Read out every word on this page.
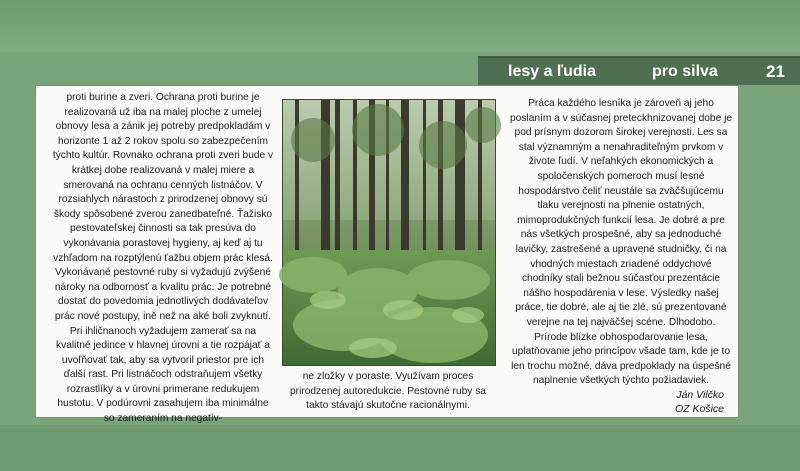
lesy a ľudia	pro silva	21
proti burine a zveri. Ochrana proti burine je realizovaná už iba na malej ploche z umelej obnovy lesa a zánik jej potreby predpokladám v horizonte 1 až 2 rokov spolu so zabezpečením týchto kultúr. Rovnako ochrana proti zveri bude v krátkej dobe realizovaná v malej miere a smerovaná na ochranu cenných listnáčov. V rozsiahlych nárastoch z prirodzenej obnovy sú škody spôsobené zverou zanedbateľné. Ťažisko pestovateľskej činnosti sa tak presúva do vykonávania porastovej hygieny, aj keď aj tu vzhľadom na rozptýlenú ťažbu objem prác klesá. Vykonávané pestovné ruby si vyžadujú zvýšené nároky na odbornosť a kvalitu prác. Je potrebné dostať do povedomia jednotlivých dodávateľov prác nové postupy, ině než na aké boli zvyknutí. Pri ihličnanoch vyžadujem zamerať sa na kvalitné jedince v hlavnej úrovni a tie rozpájať a uvoľňovať tak, aby sa vytvoril priestor pre ich ďalší rast. Pri listnáčoch odstraňujem všetky rozrastlíky a v úrovni primerane redukujem hustotu. V podúrovni zasahujem iba minimálne so zameraním na negatív-
ne zložky v poraste. Využívam proces prirodzenej autoredukcie. Pestovné ruby sa takto stávajú skutočne racionálnymi.
Práca každého lesníka je zároveň aj jeho poslaním a v súčasnej preteckhnizovanej dobe je pod prísnym dozorom širokej verejnosti. Les sa stal významným a nenahraditeľným prvkom v živote ľudí. V neľahkých ekonomických a spoločenských pomeroch musí lesné hospodárstvo čeliť neustále sa zväčšujúcemu tlaku verejnosti na plnenie ostatných, mimoprodukčných funkcií lesa. Je dobré a pre nás všetkých prospešné, aby sa jednoduché lavičky, zastrešené a upravené studničky, či na vhodných miestach zriadené oddychové chodníky stali bežnou súčasťou prezentácie nášho hospodárenia v lese. Výsledky našej práce, tie dobré, ale aj tie zlé, sú prezentované verejne na tej najväčšej scéne. Dlhodobo. Prírode blízke obhospodarovanie lesa, uplatňovanie jeho princípov všade tam, kde je to len trochu možné, dáva predpoklady na úspešné naplnenie všetkých týchto požiadaviek.
Ján Vilčko
OZ Košice
